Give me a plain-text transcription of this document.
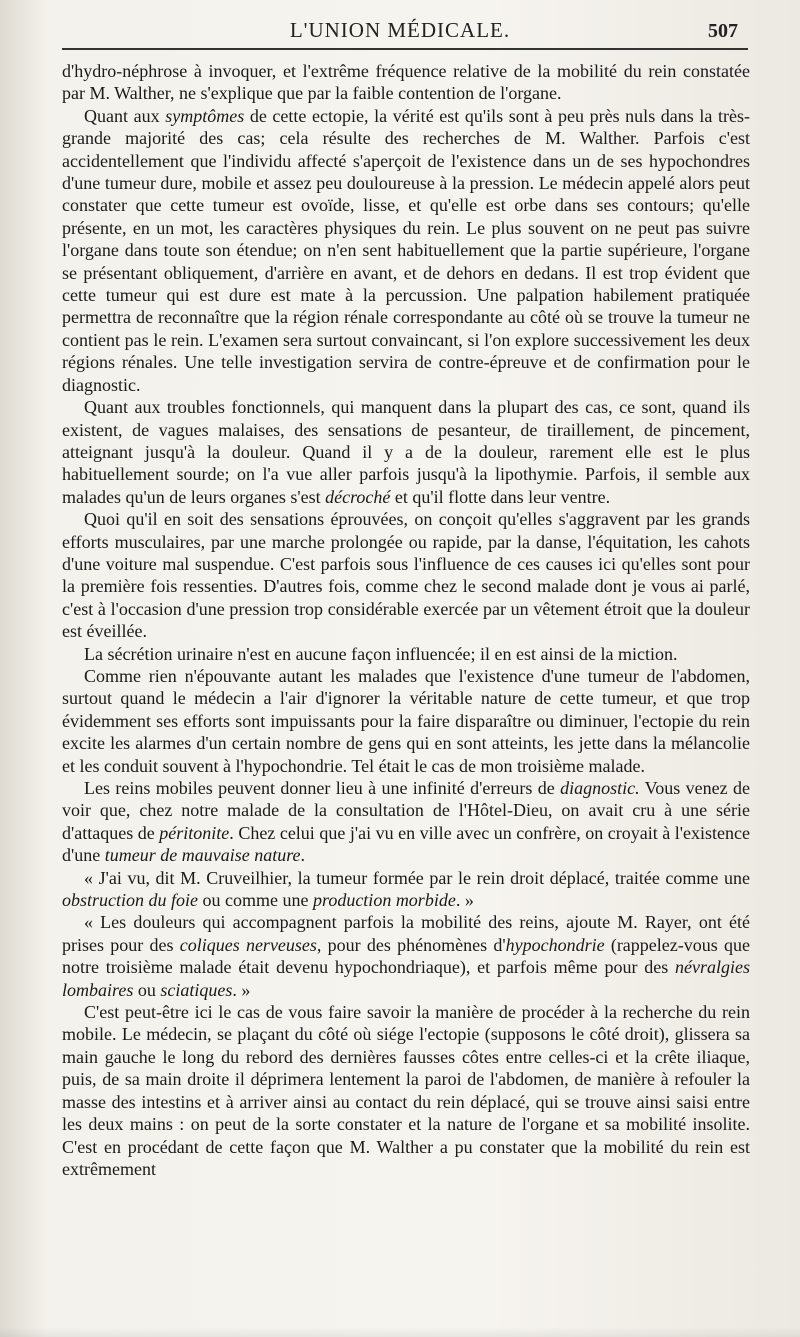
L'UNION MÉDICALE.	507

d'hydro-néphrose à invoquer, et l'extrême fréquence relative de la mobilité du rein constatée par M. Walther, ne s'explique que par la faible contention de l'organe.

Quant aux symptômes de cette ectopie, la vérité est qu'ils sont à peu près nuls dans la très-grande majorité des cas; cela résulte des recherches de M. Walther. Parfois c'est accidentellement que l'individu affecté s'aperçoit de l'existence dans un de ses hypochondres d'une tumeur dure, mobile et assez peu douloureuse à la pression. Le médecin appelé alors peut constater que cette tumeur est ovoïde, lisse, et qu'elle est orbe dans ses contours; qu'elle présente, en un mot, les caractères physiques du rein. Le plus souvent on ne peut pas suivre l'organe dans toute son étendue; on n'en sent habituellement que la partie supérieure, l'organe se présentant obliquement, d'arrière en avant, et de dehors en dedans. Il est trop évident que cette tumeur qui est dure est mate à la percussion. Une palpation habilement pratiquée permettra de reconnaître que la région rénale correspondante au côté où se trouve la tumeur ne contient pas le rein. L'examen sera surtout convaincant, si l'on explore successivement les deux régions rénales. Une telle investigation servira de contre-épreuve et de confirmation pour le diagnostic.

Quant aux troubles fonctionnels, qui manquent dans la plupart des cas, ce sont, quand ils existent, de vagues malaises, des sensations de pesanteur, de tiraillement, de pincement, atteignant jusqu'à la douleur. Quand il y a de la douleur, rarement elle est le plus habituellement sourde; on l'a vue aller parfois jusqu'à la lipothymie. Parfois, il semble aux malades qu'un de leurs organes s'est décroché et qu'il flotte dans leur ventre.

Quoi qu'il en soit des sensations éprouvées, on conçoit qu'elles s'aggravent par les grands efforts musculaires, par une marche prolongée ou rapide, par la danse, l'équitation, les cahots d'une voiture mal suspendue. C'est parfois sous l'influence de ces causes ici qu'elles sont pour la première fois ressenties. D'autres fois, comme chez le second malade dont je vous ai parlé, c'est à l'occasion d'une pression trop considérable exercée par un vêtement étroit que la douleur est éveillée.

La sécrétion urinaire n'est en aucune façon influencée; il en est ainsi de la miction.

Comme rien n'épouvante autant les malades que l'existence d'une tumeur de l'abdomen, surtout quand le médecin a l'air d'ignorer la véritable nature de cette tumeur, et que trop évidemment ses efforts sont impuissants pour la faire disparaître ou diminuer, l'ectopie du rein excite les alarmes d'un certain nombre de gens qui en sont atteints, les jette dans la mélancolie et les conduit souvent à l'hypochondrie. Tel était le cas de mon troisième malade.

Les reins mobiles peuvent donner lieu à une infinité d'erreurs de diagnostic. Vous venez de voir que, chez notre malade de la consultation de l'Hôtel-Dieu, on avait cru à une série d'attaques de péritonite. Chez celui que j'ai vu en ville avec un confrère, on croyait à l'existence d'une tumeur de mauvaise nature.

« J'ai vu, dit M. Cruveilhier, la tumeur formée par le rein droit déplacé, traitée comme une obstruction du foie ou comme une production morbide. »

« Les douleurs qui accompagnent parfois la mobilité des reins, ajoute M. Rayer, ont été prises pour des coliques nerveuses, pour des phénomènes d'hypochondrie (rappelez-vous que notre troisième malade était devenu hypochondriaque), et parfois même pour des névralgies lombaires ou sciatiques. »

C'est peut-être ici le cas de vous faire savoir la manière de procéder à la recherche du rein mobile. Le médecin, se plaçant du côté où siége l'ectopie (supposons le côté droit), glissera sa main gauche le long du rebord des dernières fausses côtes entre celles-ci et la crête iliaque, puis, de sa main droite il déprimera lentement la paroi de l'abdomen, de manière à refouler la masse des intestins et à arriver ainsi au contact du rein déplacé, qui se trouve ainsi saisi entre les deux mains : on peut de la sorte constater et la nature de l'organe et sa mobilité insolite. C'est en procédant de cette façon que M. Walther a pu constater que la mobilité du rein est extrêmement
